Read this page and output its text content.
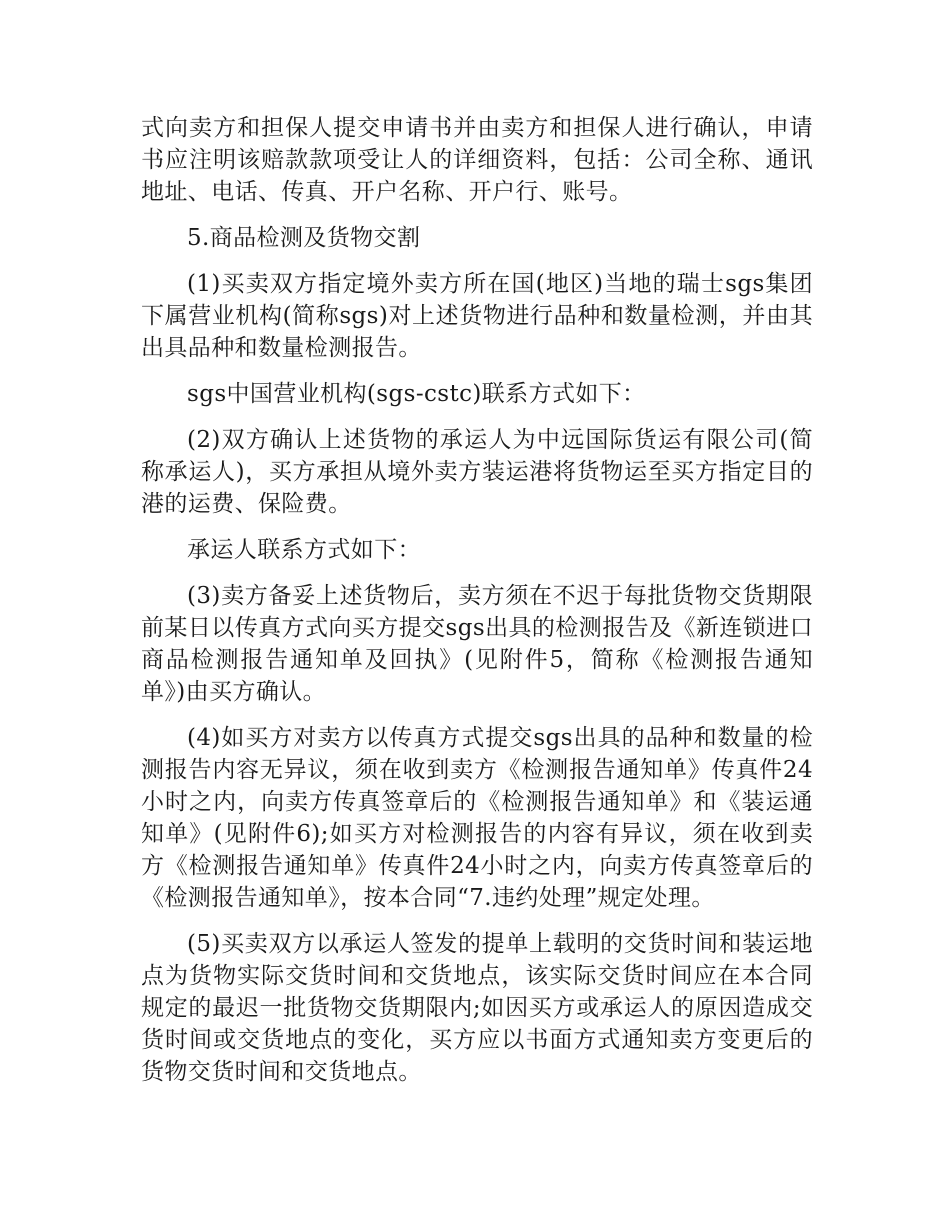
式向卖方和担保人提交申请书并由卖方和担保人进行确认，申请书应注明该赔款款项受让人的详细资料，包括：公司全称、通讯地址、电话、传真、开户名称、开户行、账号。

5.商品检测及货物交割

(1)买卖双方指定境外卖方所在国(地区)当地的瑞士sgs集团下属营业机构(简称sgs)对上述货物进行品种和数量检测，并由其出具品种和数量检测报告。

sgs中国营业机构(sgs-cstc)联系方式如下：

(2)双方确认上述货物的承运人为中远国际货运有限公司(简称承运人)，买方承担从境外卖方装运港将货物运至买方指定目的港的运费、保险费。

承运人联系方式如下：

(3)卖方备妥上述货物后，卖方须在不迟于每批货物交货期限前某日以传真方式向买方提交sgs出具的检测报告及《新连锁进口商品检测报告通知单及回执》(见附件5，简称《检测报告通知单》)由买方确认。

(4)如买方对卖方以传真方式提交sgs出具的品种和数量的检测报告内容无异议，须在收到卖方《检测报告通知单》传真件24小时之内，向卖方传真签章后的《检测报告通知单》和《装运通知单》(见附件6);如买方对检测报告的内容有异议，须在收到卖方《检测报告通知单》传真件24小时之内，向卖方传真签章后的《检测报告通知单》，按本合同“7.违约处理”规定处理。

(5)买卖双方以承运人签发的提单上载明的交货时间和装运地点为货物实际交货时间和交货地点，该实际交货时间应在本合同规定的最迟一批货物交货期限内;如因买方或承运人的原因造成交货时间或交货地点的变化，买方应以书面方式通知卖方变更后的货物交货时间和交货地点。
